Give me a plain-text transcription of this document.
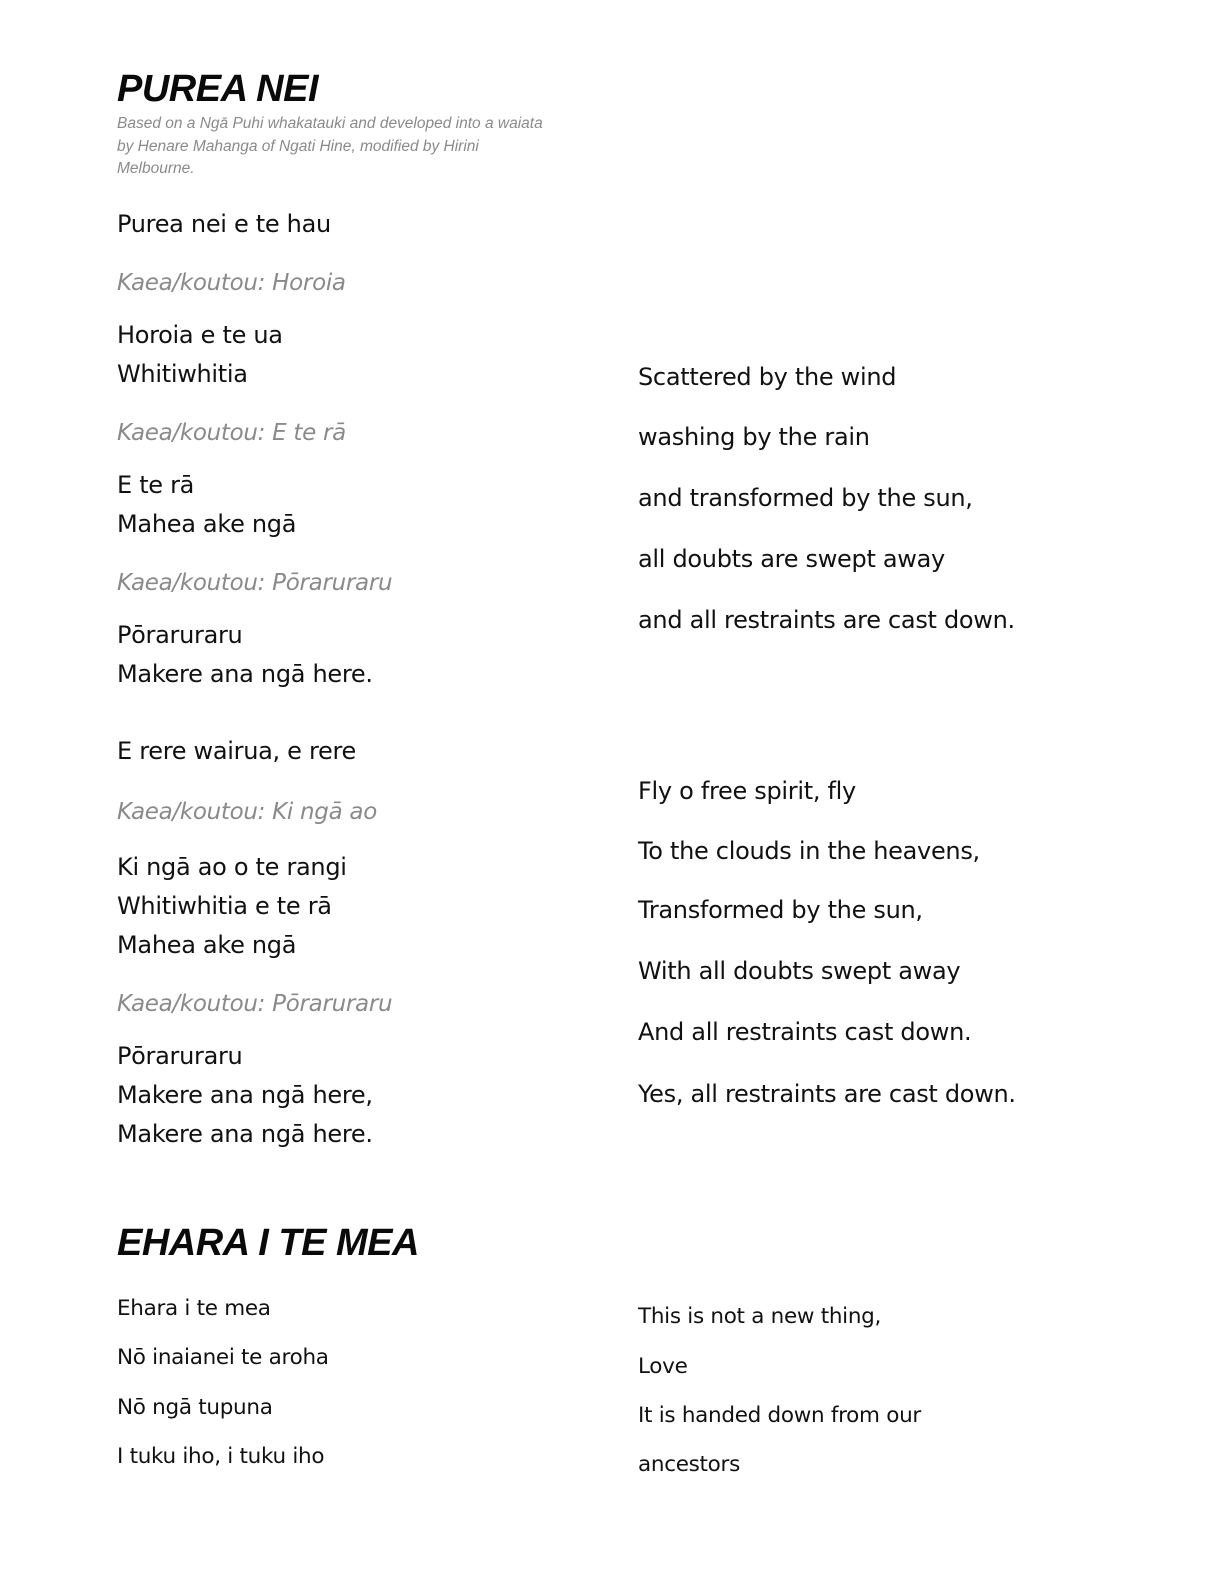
PUREA NEI
Based on a Ngā Puhi whakatauki and developed into a waiata by Henare Mahanga of Ngati Hine, modified by Hirini Melbourne.
Purea nei e te hau
Kaea/koutou: Horoia
Horoia e te ua
Whitiwhitia
Kaea/koutou: E te rā
E te rā
Mahea ake ngā
Kaea/koutou: Pōraruraru
Pōraruraru
Makere ana ngā here.
E rere wairua, e rere
Kaea/koutou: Ki ngā ao
Ki ngā ao o te rangi
Whitiwhitia e te rā
Mahea ake ngā
Kaea/koutou: Pōraruraru
Pōraruraru
Makere ana ngā here,
Makere ana ngā here.
Scattered by the wind
washing by the rain
and transformed by the sun,
all doubts are swept away
and all restraints are cast down.
Fly o free spirit, fly
To the clouds in the heavens,
Transformed by the sun,
With all doubts swept away
And all restraints cast down.
Yes, all restraints are cast down.
EHARA I TE MEA
Ehara i te mea
Nō inaianei te aroha
Nō ngā tupuna
I tuku iho, i tuku iho
This is not a new thing,
Love
It is handed down from our
ancestors
